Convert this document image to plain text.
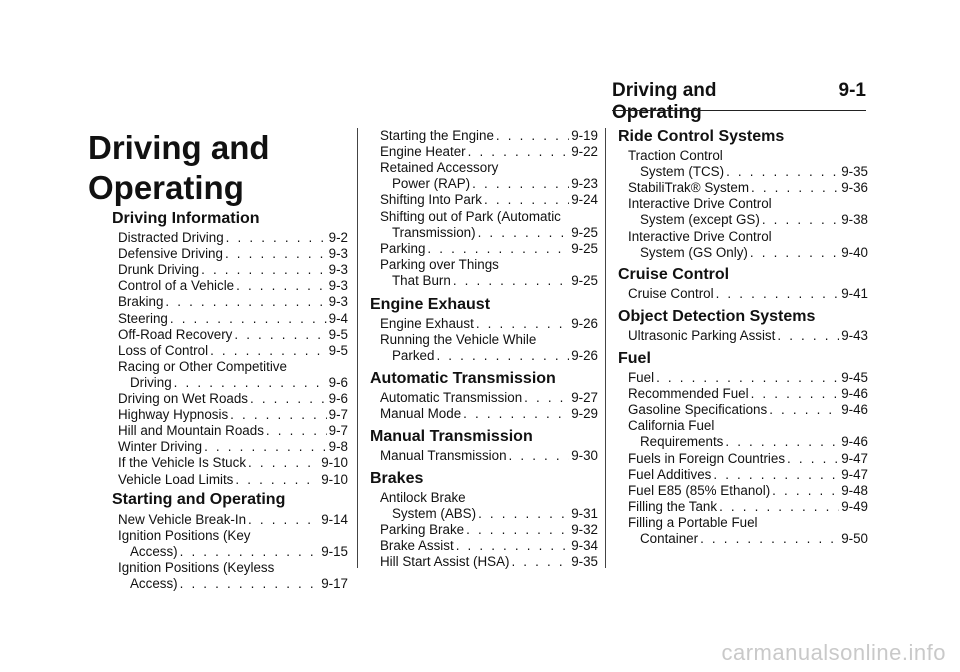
Driving and Operating
9-1
Driving and
Operating
Driving Information
Distracted Driving . . .	9-2
Defensive Driving . . .	9-3
Drunk Driving . . .	9-3
Control of a Vehicle . . .	9-3
Braking . . .	9-3
Steering . . .	9-4
Off-Road Recovery . . .	9-5
Loss of Control . . .	9-5
Racing or Other Competitive
Driving . . .	9-6
Driving on Wet Roads . . .	9-6
Highway Hypnosis . . .	9-7
Hill and Mountain Roads . . .	9-7
Winter Driving . . .	9-8
If the Vehicle Is Stuck . . .	9-10
Vehicle Load Limits . . .	9-10
Starting and Operating
New Vehicle Break-In . . .	9-14
Ignition Positions (Key
Access) . . .	9-15
Ignition Positions (Keyless
Access) . . .	9-17
Starting the Engine . . .	9-19
Engine Heater . . .	9-22
Retained Accessory
Power (RAP) . . .	9-23
Shifting Into Park . . .	9-24
Shifting out of Park (Automatic
Transmission) . . .	9-25
Parking . . .	9-25
Parking over Things
That Burn . . .	9-25
Engine Exhaust
Engine Exhaust . . .	9-26
Running the Vehicle While
Parked . . .	9-26
Automatic Transmission
Automatic Transmission . . .	9-27
Manual Mode . . .	9-29
Manual Transmission
Manual Transmission . . .	9-30
Brakes
Antilock Brake
System (ABS) . . .	9-31
Parking Brake . . .	9-32
Brake Assist . . .	9-34
Hill Start Assist (HSA) . . .	9-35
Ride Control Systems
Traction Control
System (TCS) . . .	9-35
StabiliTrak® System . . .	9-36
Interactive Drive Control
System (except GS) . . .	9-38
Interactive Drive Control
System (GS Only) . . .	9-40
Cruise Control
Cruise Control . . .	9-41
Object Detection Systems
Ultrasonic Parking Assist . . .	9-43
Fuel
Fuel . . .	9-45
Recommended Fuel . . .	9-46
Gasoline Specifications . . .	9-46
California Fuel
Requirements . . .	9-46
Fuels in Foreign Countries . . .	9-47
Fuel Additives . . .	9-47
Fuel E85 (85% Ethanol) . . .	9-48
Filling the Tank . . .	9-49
Filling a Portable Fuel
Container . . .	9-50
carmanualsonline.info
